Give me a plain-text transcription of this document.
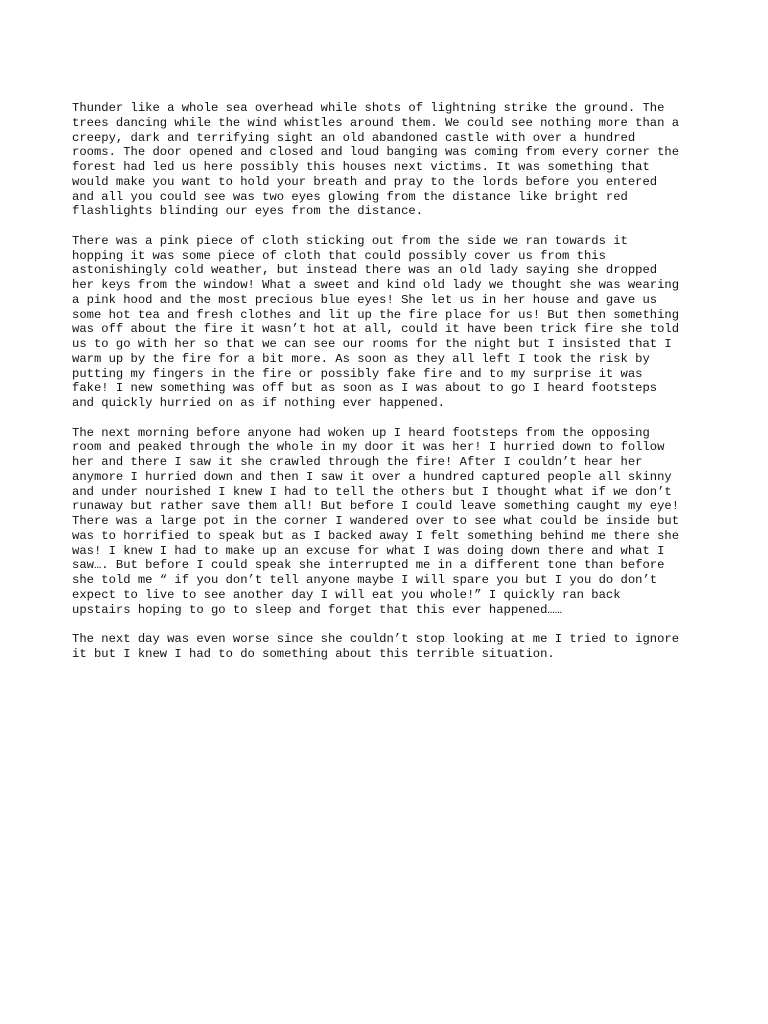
Thunder like a whole sea overhead while shots of lightning strike the ground. The
trees dancing while the wind whistles around them. We could see nothing more than a
creepy, dark and terrifying sight an old abandoned castle with over a hundred
rooms. The door opened and closed and loud banging was coming from every corner the
forest had led us here possibly this houses next victims. It was something that
would make you want to hold your breath and pray to the lords before you entered
and all you could see was two eyes glowing from the distance like bright red
flashlights blinding our eyes from the distance.

There was a pink piece of cloth sticking out from the side we ran towards it
hopping it was some piece of cloth that could possibly cover us from this
astonishingly cold weather, but instead there was an old lady saying she dropped
her keys from the window! What a sweet and kind old lady we thought she was wearing
a pink hood and the most precious blue eyes! She let us in her house and gave us
some hot tea and fresh clothes and lit up the fire place for us! But then something
was off about the fire it wasn’t hot at all, could it have been trick fire she told
us to go with her so that we can see our rooms for the night but I insisted that I
warm up by the fire for a bit more. As soon as they all left I took the risk by
putting my fingers in the fire or possibly fake fire and to my surprise it was
fake! I new something was off but as soon as I was about to go I heard footsteps
and quickly hurried on as if nothing ever happened.

The next morning before anyone had woken up I heard footsteps from the opposing
room and peaked through the whole in my door it was her! I hurried down to follow
her and there I saw it she crawled through the fire! After I couldn’t hear her
anymore I hurried down and then I saw it over a hundred captured people all skinny
and under nourished I knew I had to tell the others but I thought what if we don’t
runaway but rather save them all! But before I could leave something caught my eye!
There was a large pot in the corner I wandered over to see what could be inside but
was to horrified to speak but as I backed away I felt something behind me there she
was! I knew I had to make up an excuse for what I was doing down there and what I
saw…. But before I could speak she interrupted me in a different tone than before
she told me “ if you don’t tell anyone maybe I will spare you but I you do don’t
expect to live to see another day I will eat you whole!” I quickly ran back
upstairs hoping to go to sleep and forget that this ever happened……

The next day was even worse since she couldn’t stop looking at me I tried to ignore
it but I knew I had to do something about this terrible situation.
